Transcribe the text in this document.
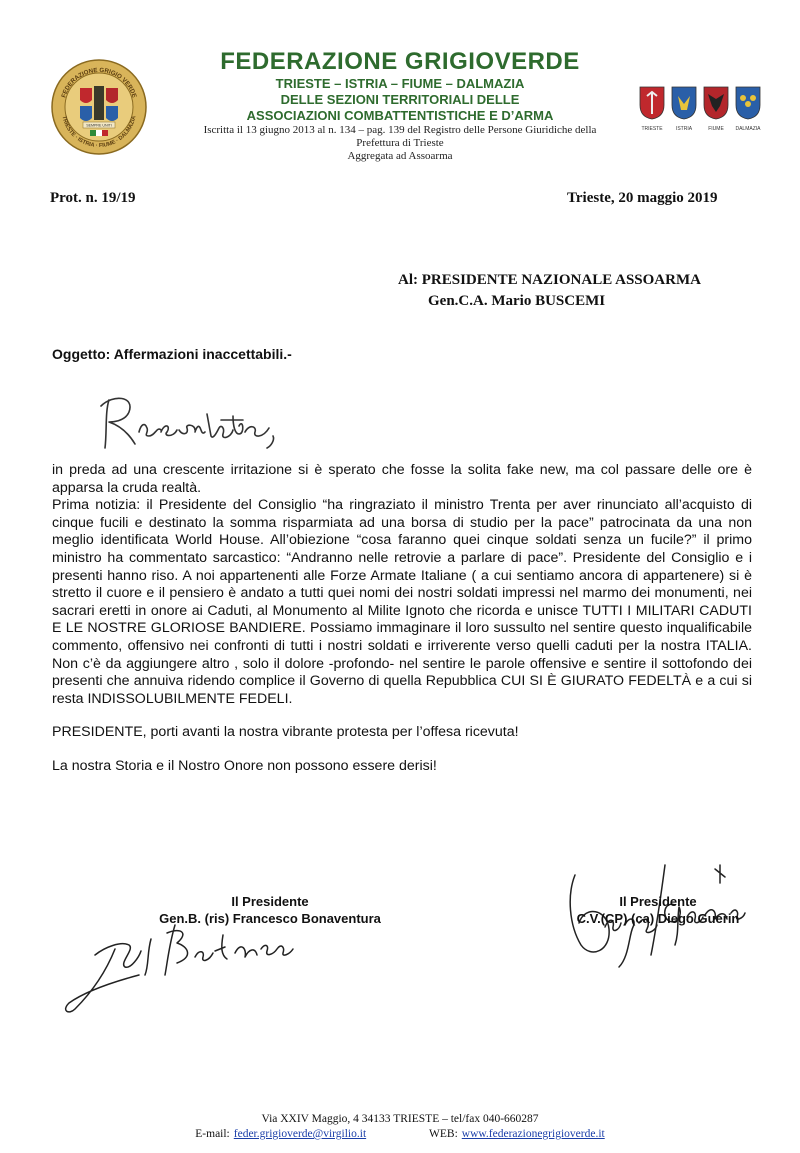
FEDERAZIONE GRIGIO VERDE
TRIESTE · ISTRIA · FIUME · DALMAZIA
SEMPRE UNITI
FEDERAZIONE GRIGIOVERDE

TRIESTE – ISTRIA – FIUME – DALMAZIA

DELLE SEZIONI TERRITORIALI DELLE

ASSOCIAZIONI COMBATTENTISTICHE E D’ARMA

Iscritta il 13 giugno 2013 al n. 134 – pag. 139 del Registro delle Persone Giuridiche della

Prefettura di Trieste

Aggregata ad Assoarma

TRIESTE	ISTRIA	FIUME	DALMAZIA
Prot. n. 19/19	Trieste, 20 maggio 2019
Al: PRESIDENTE NAZIONALE ASSOARMA
Gen.C.A. Mario BUSCEMI
Oggetto: Affermazioni inaccettabili.-

in preda ad una crescente irritazione si è sperato che fosse la solita fake new, ma col passare delle ore è apparsa la cruda realtà.

Prima notizia: il Presidente del Consiglio “ha ringraziato il ministro Trenta per aver rinunciato all’acquisto di cinque fucili e destinato la somma risparmiata ad una borsa di studio per la pace” patrocinata da una non meglio identificata World House. All’obiezione “cosa faranno quei cinque soldati senza un fucile?” il primo ministro ha commentato sarcastico: “Andranno nelle retrovie a parlare di pace”. Presidente del Consiglio e i presenti hanno riso. A noi appartenenti alle Forze Armate Italiane ( a cui sentiamo ancora di appartenere) si è stretto il cuore e il pensiero è andato a tutti quei nomi dei nostri soldati impressi nel marmo dei monumenti, nei sacrari eretti in onore ai Caduti, al Monumento al Milite Ignoto che ricorda e unisce TUTTI I MILITARI CADUTI E LE NOSTRE GLORIOSE BANDIERE. Possiamo immaginare il loro sussulto nel sentire questo inqualificabile commento, offensivo nei confronti di tutti i nostri soldati e irriverente verso quelli caduti per la nostra ITALIA. Non c’è da aggiungere altro , solo il dolore -profondo- nel sentire le parole offensive e sentire il sottofondo dei presenti che annuiva ridendo complice il Governo di quella Repubblica CUI SI È GIURATO FEDELTÀ e a cui si resta INDISSOLUBILMENTE FEDELI.

PRESIDENTE, porti avanti la nostra vibrante protesta per l’offesa ricevuta!

La nostra Storia e il Nostro Onore non possono essere derisi!

Il Presidente
Gen.B. (ris) Francesco Bonaventura
Il Presidente
C.V.(CP) (ca) Diego Guerin
Via XXIV Maggio, 4 34133 TRIESTE – tel/fax 040-660287
E-mail: feder.grigioverde@virgilio.it	WEB: www.federazionegrigioverde.it
